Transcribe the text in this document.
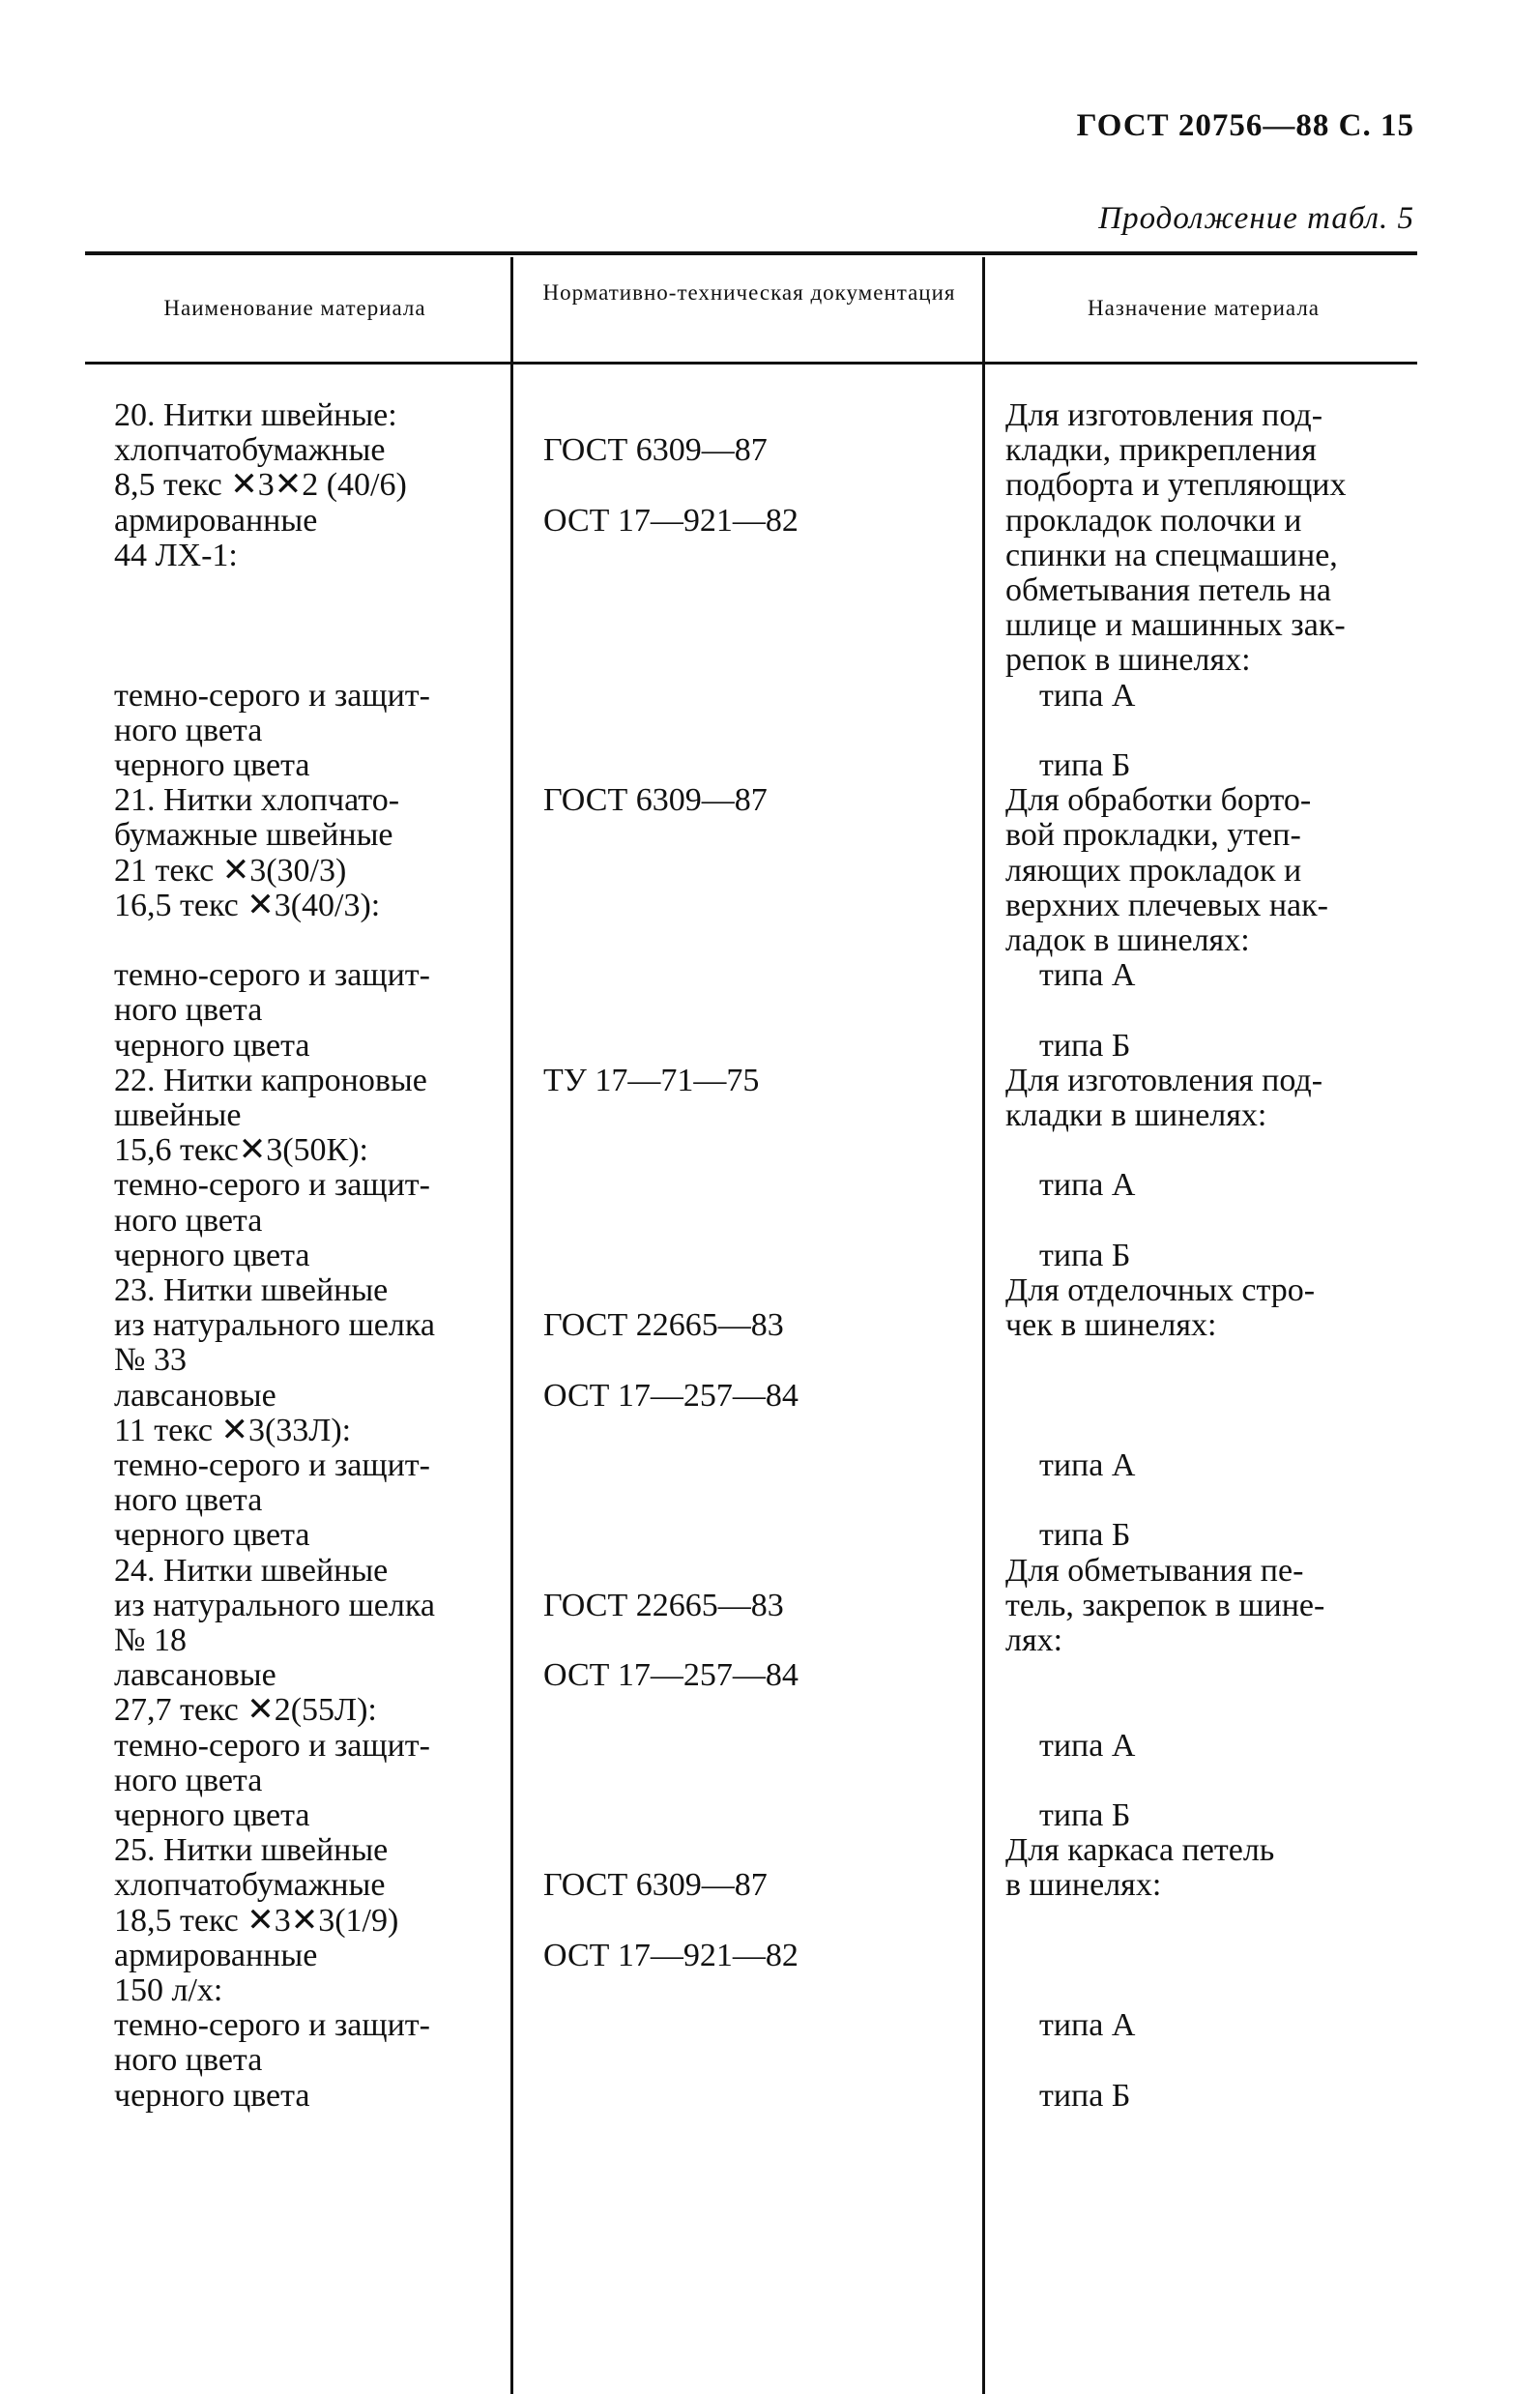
ГОСТ 20756—88 С. 15
Продолжение табл. 5
Наименование материала
Нормативно-техническая документация
Назначение материала
20. Нитки швейные:
хлопчатобумажные
8,5 текс ✕3✕2 (40/6)
армированные
44 ЛХ-1:
темно-серого и защит-
ного цвета
черного цвета
ГОСТ 6309—87
ОСТ 17—921—82
Для изготовления под-
кладки, прикрепления
подборта и утепляющих
прокладок полочки и
спинки на спецмашине,
обметывания петель на
шлице и машинных зак-
репок в шинелях:
типа А
типа Б
21. Нитки хлопчато-
бумажные швейные
21 текс ✕3(30/3)
16,5 текс ✕3(40/3):
темно-серого и защит-
ного цвета
черного цвета
ГОСТ 6309—87	Для обработки борто-
вой прокладки, утеп-
ляющих прокладок и
верхних плечевых нак-
ладок в шинелях:
типа А
типа Б
22. Нитки капроновые
швейные
15,6 текс✕3(50К):
темно-серого и защит-
ного цвета
черного цвета
ТУ 17—71—75	Для изготовления под-
кладки в шинелях:
типа А
типа Б
23. Нитки швейные
из натурального шелка
№ 33
лавсановые
11 текс ✕3(33Л):
темно-серого и защит-
ного цвета
черного цвета
ГОСТ 22665—83
ОСТ 17—257—84
Для отделочных стро-
чек в шинелях:
типа А
типа Б
24. Нитки швейные
из натурального шелка
№ 18
лавсановые
27,7 текс ✕2(55Л):
темно-серого и защит-
ного цвета
черного цвета
ГОСТ 22665—83
ОСТ 17—257—84
Для обметывания пе-
тель, закрепок в шине-
лях:
типа А
типа Б
25. Нитки швейные
хлопчатобумажные
18,5 текс ✕3✕3(1/9)
армированные
150 л/х:
темно-серого и защит-
ного цвета
черного цвета
ГОСТ 6309—87
ОСТ 17—921—82
Для каркаса петель
в шинелях:
типа А
типа Б
